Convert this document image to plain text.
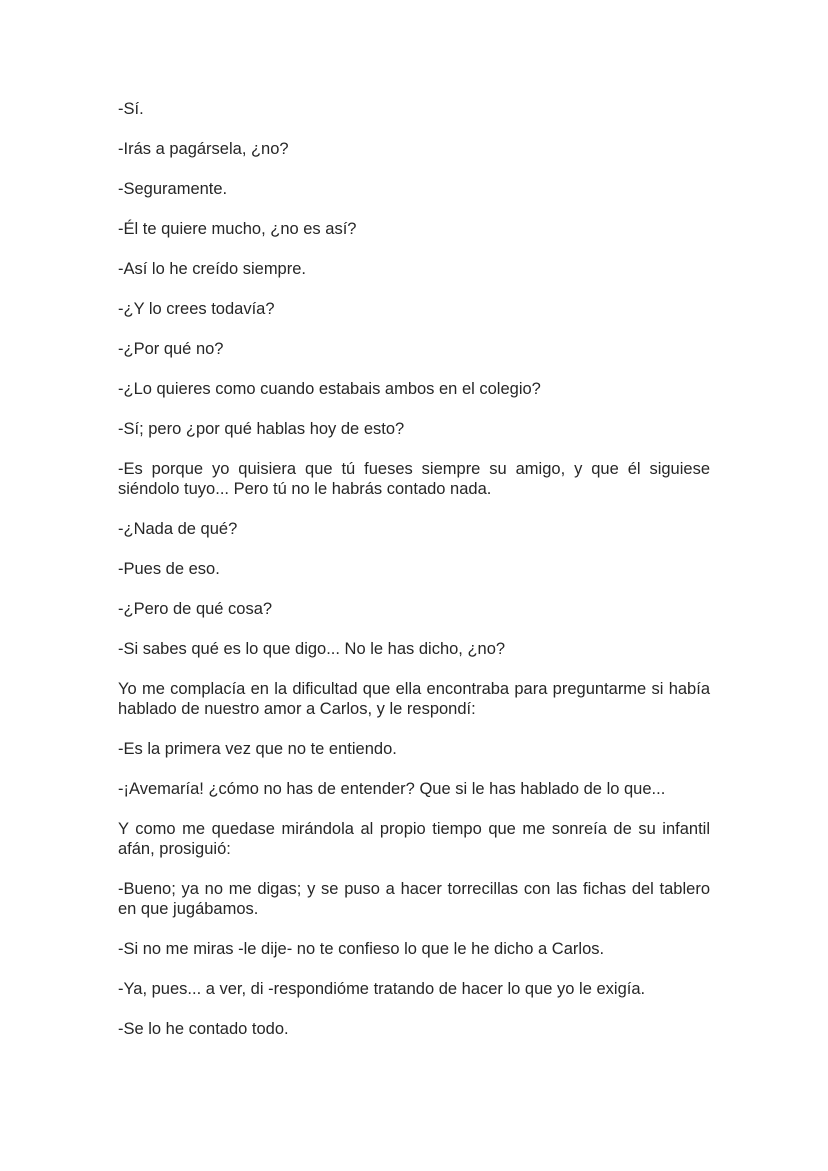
-Sí.

-Irás a pagársela, ¿no?

-Seguramente.

-Él te quiere mucho, ¿no es así?

-Así lo he creído siempre.

-¿Y lo crees todavía?

-¿Por qué no?

-¿Lo quieres como cuando estabais ambos en el colegio?

-Sí; pero ¿por qué hablas hoy de esto?

-Es porque yo quisiera que tú fueses siempre su amigo, y que él siguiese siéndolo tuyo... Pero tú no le habrás contado nada.

-¿Nada de qué?

-Pues de eso.

-¿Pero de qué cosa?

-Si sabes qué es lo que digo... No le has dicho, ¿no?

Yo me complacía en la dificultad que ella encontraba para preguntarme si había hablado de nuestro amor a Carlos, y le respondí:

-Es la primera vez que no te entiendo.

-¡Avemaría! ¿cómo no has de entender? Que si le has hablado de lo que...

Y como me quedase mirándola al propio tiempo que me sonreía de su infantil afán, prosiguió:

-Bueno; ya no me digas; y se puso a hacer torrecillas con las fichas del tablero en que jugábamos.

-Si no me miras -le dije- no te confieso lo que le he dicho a Carlos.

-Ya, pues... a ver, di -respondióme tratando de hacer lo que yo le exigía.

-Se lo he contado todo.
